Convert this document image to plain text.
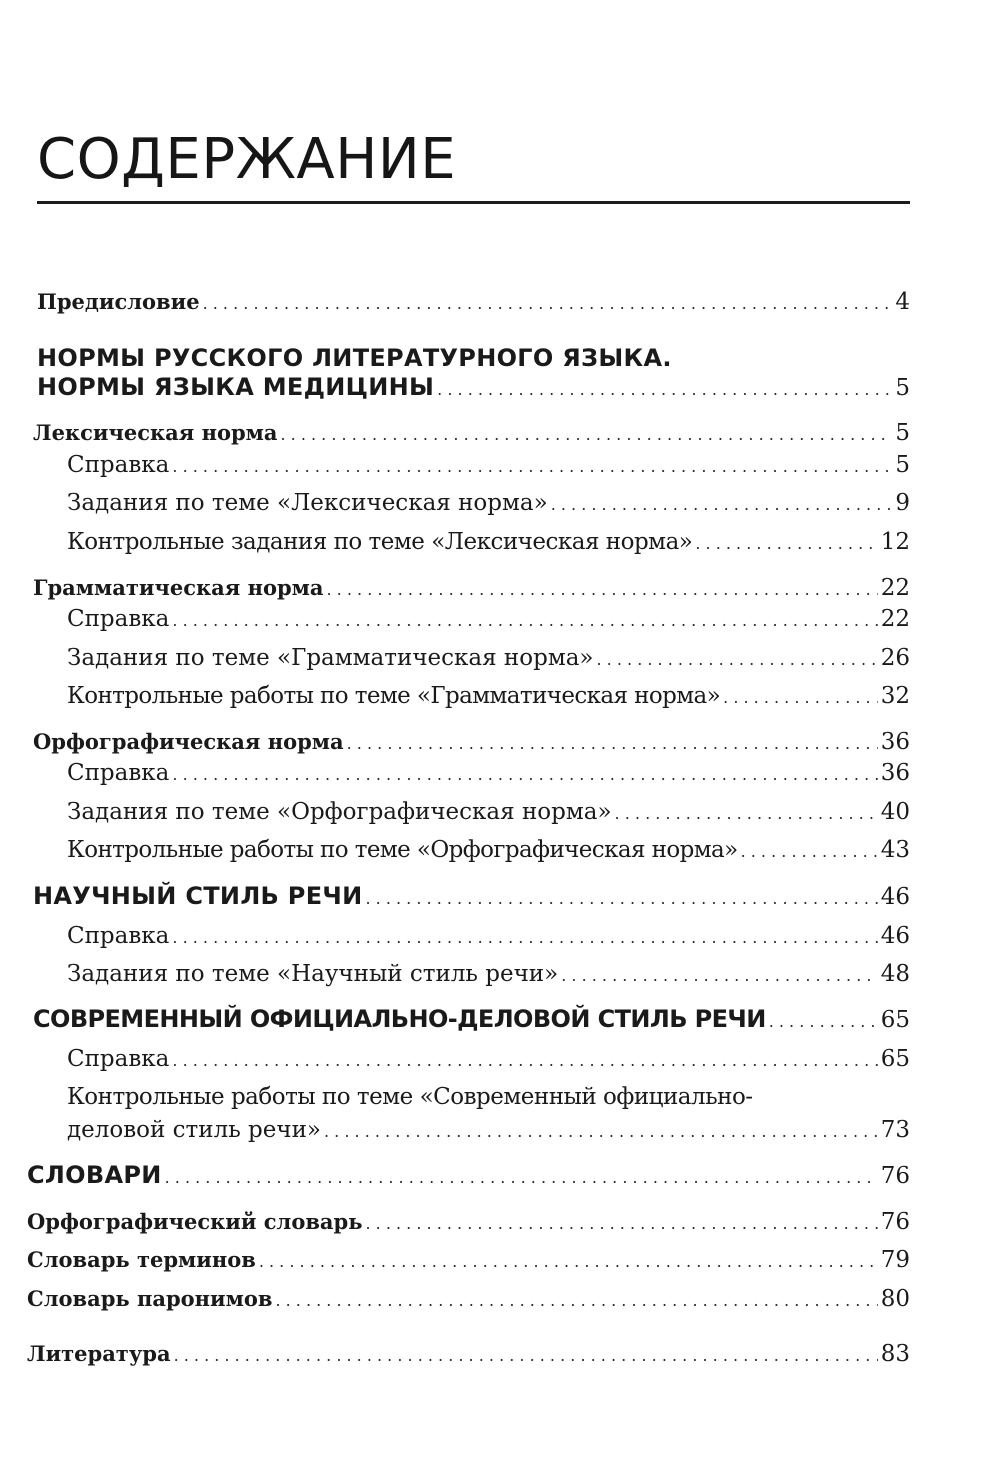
СОДЕРЖАНИЕ
Предисловие . . .	4
НОРМЫ РУССКОГО ЛИТЕРАТУРНОГО ЯЗЫКА.
НОРМЫ ЯЗЫКА МЕДИЦИНЫ . . .	5
Лексическая норма . . .	5
Справка . . .	5
Задания по теме «Лексическая норма» . . .	9
Контрольные задания по теме «Лексическая норма» . . .	12
Грамматическая норма . . .	22
Справка . . .	22
Задания по теме «Грамматическая норма» . . .	26
Контрольные работы по теме «Грамматическая норма» . . .	32
Орфографическая норма . . .	36
Справка . . .	36
Задания по теме «Орфографическая норма» . . .	40
Контрольные работы по теме «Орфографическая норма» . . .	43
НАУЧНЫЙ СТИЛЬ РЕЧИ . . .	46
Справка . . .	46
Задания по теме «Научный стиль речи» . . .	48
СОВРЕМЕННЫЙ ОФИЦИАЛЬНО-ДЕЛОВОЙ СТИЛЬ РЕЧИ . . .	65
Справка . . .	65
Контрольные работы по теме «Современный официально-
деловой стиль речи» . . .	73
СЛОВАРИ . . .	76
Орфографический словарь . . .	76
Словарь терминов . . .	79
Словарь паронимов . . .	80
Литература . . .	83
